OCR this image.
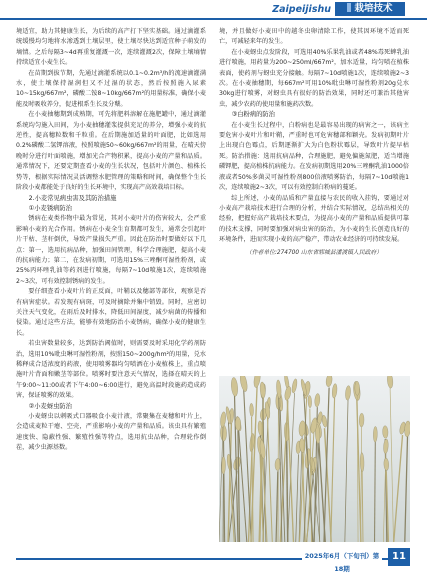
Zaipeijishu	栽培技术

境适宜，助力其健康生长，为后续的高产打下坚实基础。通过滴灌系统缓慢均匀地将水渗透到土壤层里，使土壤尽快达到适宜种子萌发的墒情。之后每隔3~4d再重复灌溉一次，连续灌溉2次，保障土壤墒情持续适宜小麦生长。

在苗期到拔节期，先通过滴灌系统以0.1~0.2m³/h的流速滴灌满水，使土壤保持湿润但又不过湿的状态，然后按照施入尿素10~15kg/667m²，磷酸二铵8~10kg/667m²的用量标准，确保小麦能及时吸收养分，促进根系生长及分蘖。

在小麦抽穗期到成熟期，可先将肥料溶解在施肥罐中，通过滴灌系统均匀施入田间，为小麦抽穗灌浆提供充足的养分，增强小麦的抗逆性，提高穗粒数和千粒重。在后期施加适量的叶面肥，比如选用0.2%磷酸二氢钾溶液，按照喷施50~60kg/667m²的用量，在晴天傍晚时分进行叶面喷施，增加光合产物积累，提高小麦的产量和品质。通常情况下，还要定期查看小麦的生长状况，包括叶片颜色、植株长势等，根据实际情况灵活调整水肥管理的策略和时间，确保整个生长阶段小麦都能处于良好的生长环境中，实现高产高效栽培目标。

2.小麦常见病虫害及其防治措施
①小麦锈病防治

锈病在麦类作物中最为常见，其对小麦叶片的伤害较大，会严重影响小麦的光合作用。锈病在小麦全生育期都可发生，通常会引起叶片干枯、茎秆倒伏，导致产量损失严重。因此在防治时要做好以下几点：第一，选用抗病品种，加强田间管理，科学合理施肥，提高小麦的抗病能力；第二，在发病初期，可选用15%三唑酮可湿性粉剂，或25%丙环唑乳油等药剂进行喷施，每隔7~10d喷施1次，连续喷施2~3次，可有效控制锈病的发生。

要仔细查看小麦叶片的正反面，叶鞘以及穗部等部位，观察是否有病害症状。若发现有病斑，可及时摘除并集中销毁。同时，应密切关注天气变化，在雨后及时排水，降低田间湿度，减少病菌的传播和侵染。通过这些方法，能够有效地防治小麦锈病，确保小麦的健康生长。

若虫害数量较多，达到防治阈值时，则需要及时采用化学药剂防治，选用10%吡虫啉可湿性粉剂，按照150~200g/hm²的用量，兑水稀释成合适浓度的药液，使用喷雾器均匀喷洒在小麦植株上，重点喷施叶片背面和嫩茎等部位。喷雾时要注意天气情况，选择在晴天的上午9:00~11:00或者下午4:00~6:00进行，避免高温时段施药造成药害，保证喷雾的效果。

②小麦蚜虫防治

小麦蚜虫以刺吸式口器吸食小麦汁液，常聚集在麦穗和叶片上，会造成麦粒干瘪、空壳，严重影响小麦的产量和品质。该虫具有繁殖速度快、隐蔽性强、繁殖性强等特点，选用抗虫品种，合理轮作倒茬，减少虫源基数。

境，并且做好小麦田中的越冬虫卵清除工作，使其因环境不适而死亡，可减轻来年的发生。

在小麦蚜虫点发阶段，可选用40%乐果乳油或者48%毒死蜱乳油进行喷施，用药量为200~250ml/667m²，加水适量，均匀喷在植株表面，使药剂与蚜虫充分接触。每隔7~10d喷施1次，连续喷施2~3次。在小麦抽穗期，每667m²可用10%吡虫啉可湿性粉剂20g兑水30kg进行喷雾，对蚜虫具有很好的防治效果，同时还可兼治其他害虫，减少农药的使用量和施药次数。

③白粉病的防治

在小麦生长过程中，白粉病也是最容易出现的病害之一，该病主要危害小麦叶片和叶鞘，严重时也可危害穗部和颖壳。发病初期叶片上出现白色霉点，后期逐渐扩大为白色粉状霉层，导致叶片提早枯死。防治措施：选用抗病品种，合理施肥，避免偏施氮肥，适当增施磷钾肥，提高植株抗病能力。在发病初期选用20%三唑酮乳油1000倍液或者50%多菌灵可湿性粉剂800倍液喷雾防治，每隔7~10d喷施1次，连续喷施2~3次，可以有效控制白粉病的蔓延。

综上所述，小麦的品质和产量直接与农民的收入挂钩，要通过对小麦高产栽培技术进行合理的分析，并结合实际情况，总结出相关的经验，把握好高产栽培技术要点，为提高小麦的产量和品质提供可靠的技术支撑，同时要加强对病虫害的防治，为小麦的生长创造良好的环境条件，进而实现小麦的高产稳产，带动农业经济的可持续发展。

（作者单位:274700 山东省郓城县潘渡镇人民政府）
2025年6月（下旬刊）第18期
11
